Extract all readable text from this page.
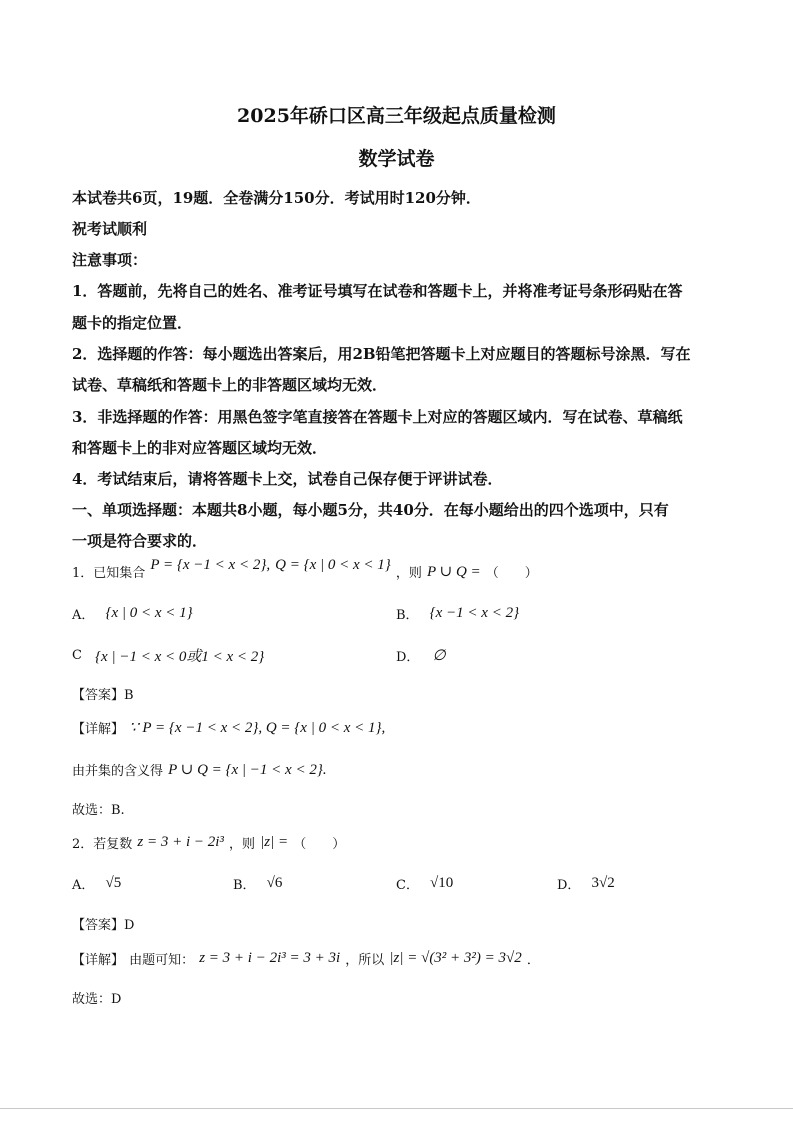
2025年硚口区高三年级起点质量检测
数学试卷
本试卷共6页，19题．全卷满分150分．考试用时120分钟．
祝考试顺利
注意事项：
1．答题前，先将自己的姓名、准考证号填写在试卷和答题卡上，并将准考证号条形码贴在答
题卡的指定位置．
2．选择题的作答：每小题选出答案后，用2B铅笔把答题卡上对应题目的答题标号涂黑．写在
试卷、草稿纸和答题卡上的非答题区域均无效．
3．非选择题的作答：用黑色签字笔直接答在答题卡上对应的答题区域内．写在试卷、草稿纸
和答题卡上的非对应答题区域均无效．
4．考试结束后，请将答题卡上交，试卷自己保存便于评讲试卷．
一、单项选择题：本题共8小题，每小题5分，共40分．在每小题给出的四个选项中，只有
一项是符合要求的．
1．已知集合 P = {x −1 < x < 2}, Q = {x | 0 < x < 1} ，则 P ∪ Q = （　　）
A． {x | 0 < x < 1}	B． {x −1 < x < 2}
C {x | −1 < x < 0或1 < x < 2}	D． ∅
【答案】B
【详解】 ∵ P = {x −1 < x < 2}, Q = {x | 0 < x < 1},
由并集的含义得 P ∪ Q = {x | −1 < x < 2}.
故选：B.
2．若复数 z = 3 + i − 2i³ ，则 |z| = （　　）
A． √5	B． √6	C． √10	D． 3√2
【答案】D
【详解】 由题可知： z = 3 + i − 2i³ = 3 + 3i ，所以 |z| = √(3² + 3²) = 3√2 ．
故选：D
